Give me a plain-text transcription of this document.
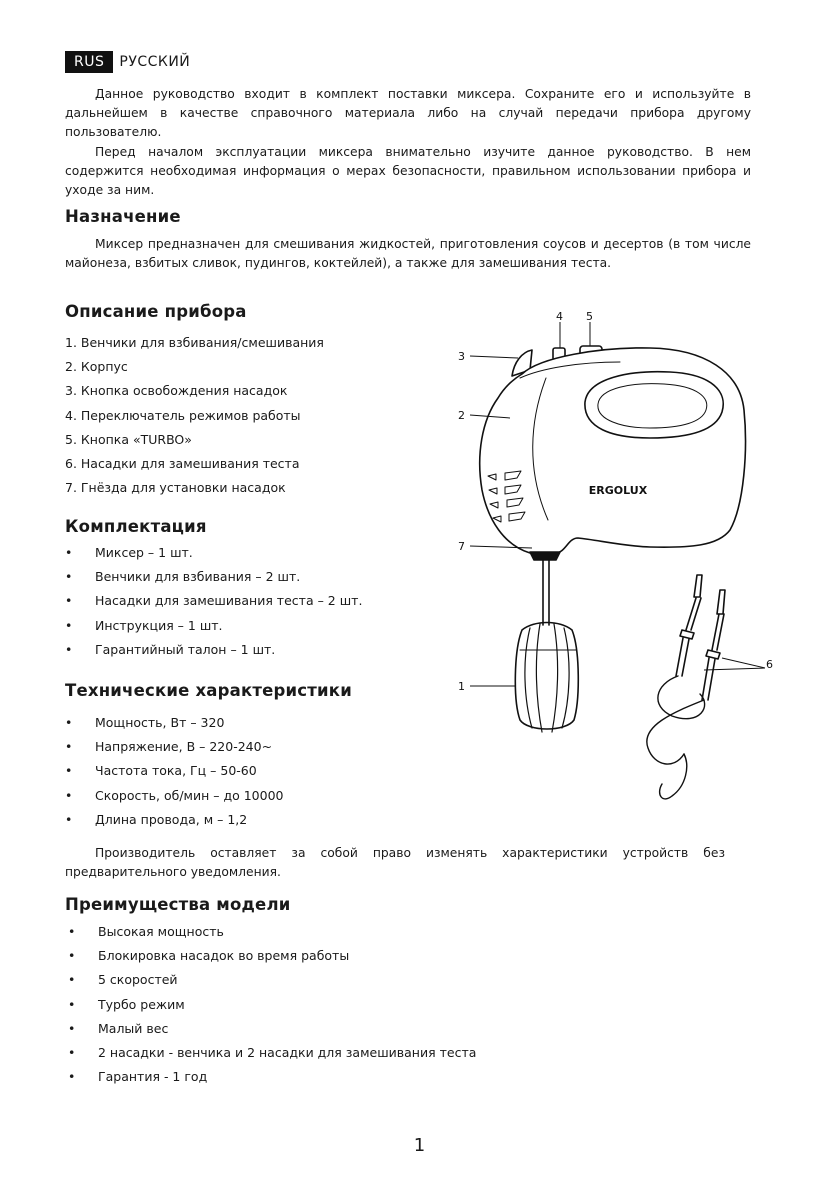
RUS	РУССКИЙ

Данное руководство входит в комплект поставки миксера. Сохраните его и используйте в дальнейшем в качестве справочного материала либо на случай передачи прибора другому пользователю.

Перед началом эксплуатации миксера внимательно изучите данное руководство. В нем содержится необходимая информация о мерах безопасности, правильном использовании прибора и уходе за ним.

Назначение

Миксер предназначен для смешивания жидкостей, приготовления соусов и десертов (в том числе майонеза, взбитых сливок, пудингов, коктейлей), а также для замешивания теста.

Описание прибора
1. Венчики для взбивания/смешивания
2. Корпус
3. Кнопка освобождения насадок
4. Переключатель режимов работы
5. Кнопка «TURBO»
6. Насадки для замешивания теста
7. Гнёзда для установки насадок
Комплектация
• Миксер – 1 шт.
• Венчики для взбивания – 2 шт.
• Насадки для замешивания теста – 2 шт.
• Инструкция – 1 шт.
• Гарантийный талон – 1 шт.
Технические характеристики
• Мощность, Вт – 320
• Напряжение, В – 220-240~
• Частота тока, Гц – 50-60
• Скорость, об/мин – до 10000
• Длина провода, м – 1,2

Производитель оставляет за собой право изменять характеристики устройств без предварительного уведомления.

Преимущества модели
• Высокая мощность
• Блокировка насадок во время работы
• 5 скоростей
• Турбо режим
• Малый вес
• 2 насадки - венчика и 2 насадки для замешивания теста
• Гарантия - 1 год
ERGOLUX
3
2
7
1
4 5
6
1
